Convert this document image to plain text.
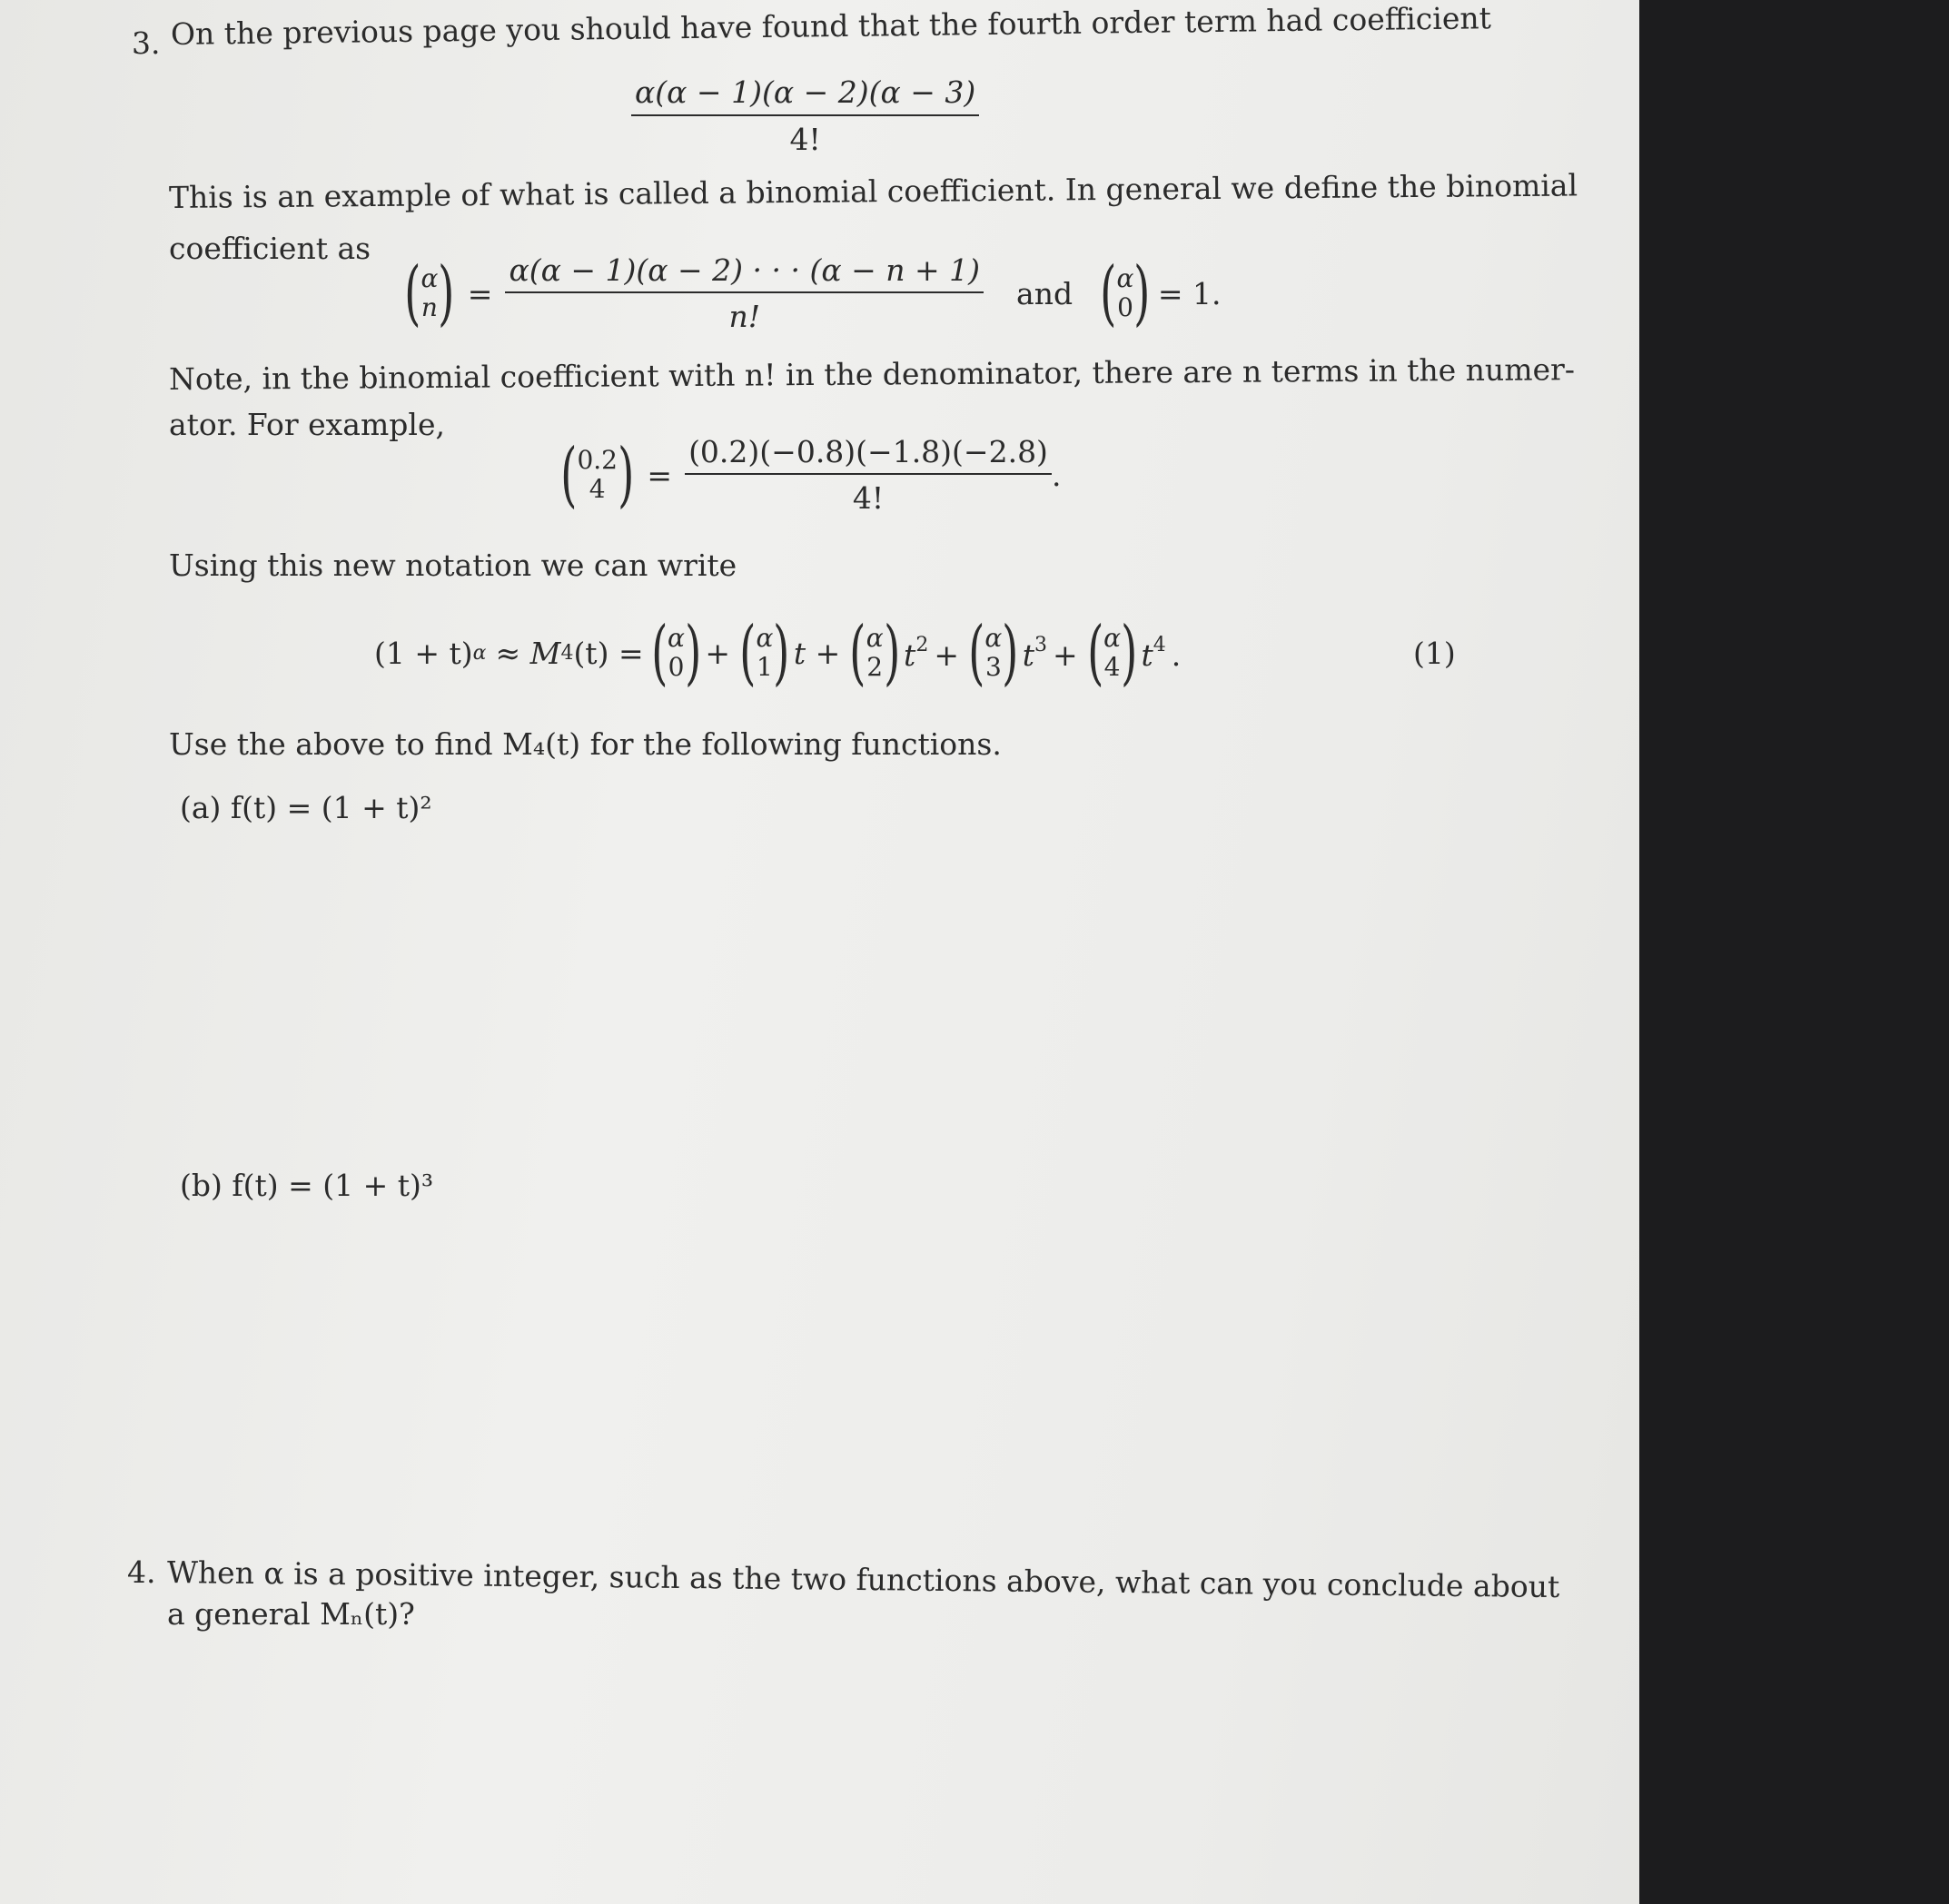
3. On the previous page you should have found that the fourth order term had coefficient
$\frac{\alpha(\alpha - 1)(\alpha - 2)(\alpha - 3)}{4!}$
This is an example of what is called a binomial coefficient. In general we define the binomial
coefficient as
( α
n ) = $\frac{\alpha(\alpha - 1)(\alpha - 2) \cdot \cdot \cdot (\alpha - n + 1)}{n!}$ and ( α
0 ) = 1.
Note, in the binomial coefficient with n! in the denominator, there are n terms in the numer-
ator. For example,
( 0.2
4 ) = $\frac{(0.2)(-0.8)(-1.8)(-2.8)}{4!}$ .
Using this new notation we can write
(1 + t) α ≈ M 4 (t) = ( α
0 ) + ( α
1 ) t + ( α
2 ) $t^2$ + ( α
3 ) $t^3$ + ( α
4 ) $t^4$ .	(1)
Use the above to find M₄(t) for the following functions.
(a) f(t) = (1 + t)²
(b) f(t) = (1 + t)³
4. When α is a positive integer, such as the two functions above, what can you conclude about
a general Mₙ(t)?
